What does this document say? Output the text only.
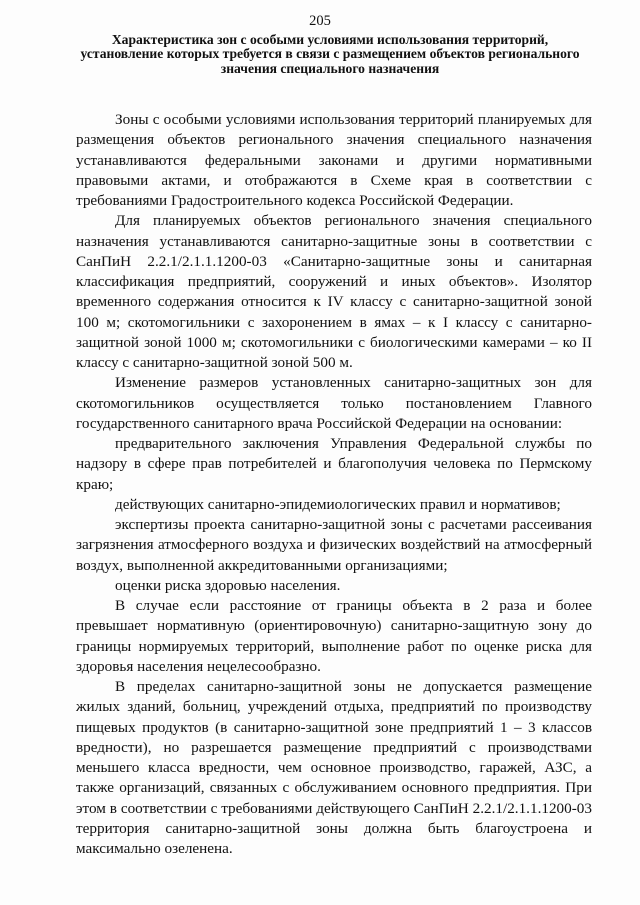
205
Характеристика зон с особыми условиями использования территорий, установление которых требуется в связи с размещением объектов регионального значения специального назначения

Зоны с особыми условиями использования территорий планируемых для размещения объектов регионального значения специального назначения устанавливаются федеральными законами и другими нормативными правовыми актами, и отображаются в Схеме края в соответствии с требованиями Градостроительного кодекса Российской Федерации.

Для планируемых объектов регионального значения специального назначения устанавливаются санитарно-защитные зоны в соответствии с СанПиН 2.2.1/2.1.1.1200-03 «Санитарно-защитные зоны и санитарная классификация предприятий, сооружений и иных объектов». Изолятор временного содержания относится к IV классу с санитарно-защитной зоной 100 м; скотомогильники с захоронением в ямах – к I классу с санитарно-защитной зоной 1000 м; скотомогильники с биологическими камерами – ко II классу с санитарно-защитной зоной 500 м.

Изменение размеров установленных санитарно-защитных зон для скотомогильников осуществляется только постановлением Главного государственного санитарного врача Российской Федерации на основании:

предварительного заключения Управления Федеральной службы по надзору в сфере прав потребителей и благополучия человека по Пермскому краю;

действующих санитарно-эпидемиологических правил и нормативов;

экспертизы проекта санитарно-защитной зоны с расчетами рассеивания загрязнения атмосферного воздуха и физических воздействий на атмосферный воздух, выполненной аккредитованными организациями;

оценки риска здоровью населения.

В случае если расстояние от границы объекта в 2 раза и более превышает нормативную (ориентировочную) санитарно-защитную зону до границы нормируемых территорий, выполнение работ по оценке риска для здоровья населения нецелесообразно.

В пределах санитарно-защитной зоны не допускается размещение жилых зданий, больниц, учреждений отдыха, предприятий по производству пищевых продуктов (в санитарно-защитной зоне предприятий 1 – 3 классов вредности), но разрешается размещение предприятий с производствами меньшего класса вредности, чем основное производство, гаражей, АЗС, а также организаций, связанных с обслуживанием основного предприятия. При этом в соответствии с требованиями действующего СанПиН 2.2.1/2.1.1.1200-03 территория санитарно-защитной зоны должна быть благоустроена и максимально озеленена.
